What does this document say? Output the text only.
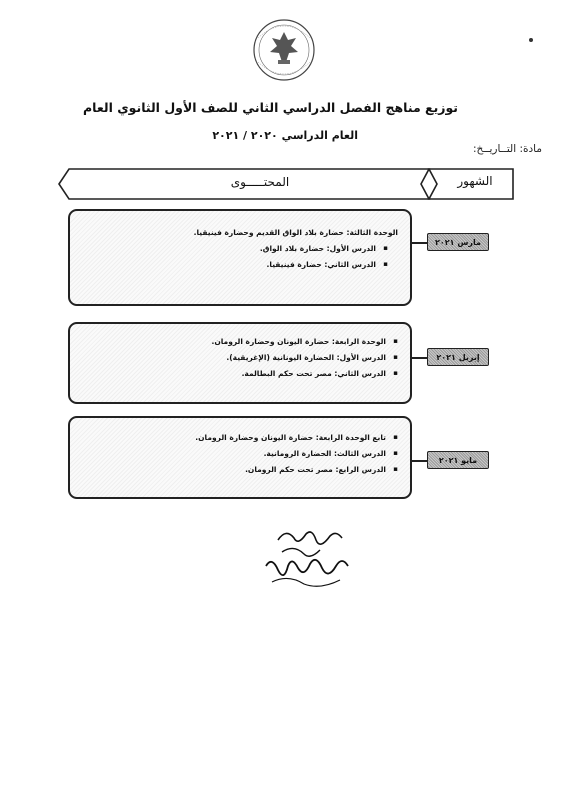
توزيع مناهج الفصل الدراسي الثاني للصف الأول الثانوي العام
العام الدراسي ٢٠٢٠ / ٢٠٢١
مادة: التــاريــخ:
الشهور
المحتـــــوى
الوحدة الثالثة: حضارة بلاد الواق القديم وحضارة فينيقيا.
▪ الدرس الأول: حضارة بلاد الواق.
▪ الدرس الثاني: حضارة فينيقيا.
مارس ٢٠٢١
▪ الوحدة الرابعة: حضارة اليونان وحضارة الرومان.
▪ الدرس الأول: الحضارة اليونانية (الإغريقية).
▪ الدرس الثاني: مصر تحت حكم البطالمة.
إبريل ٢٠٢١
▪ تابع الوحدة الرابعة: حضارة اليونان وحضارة الرومان.
▪ الدرس الثالث: الحضارة الرومانية.
▪ الدرس الرابع: مصر تحت حكم الرومان.
مايو ٢٠٢١
